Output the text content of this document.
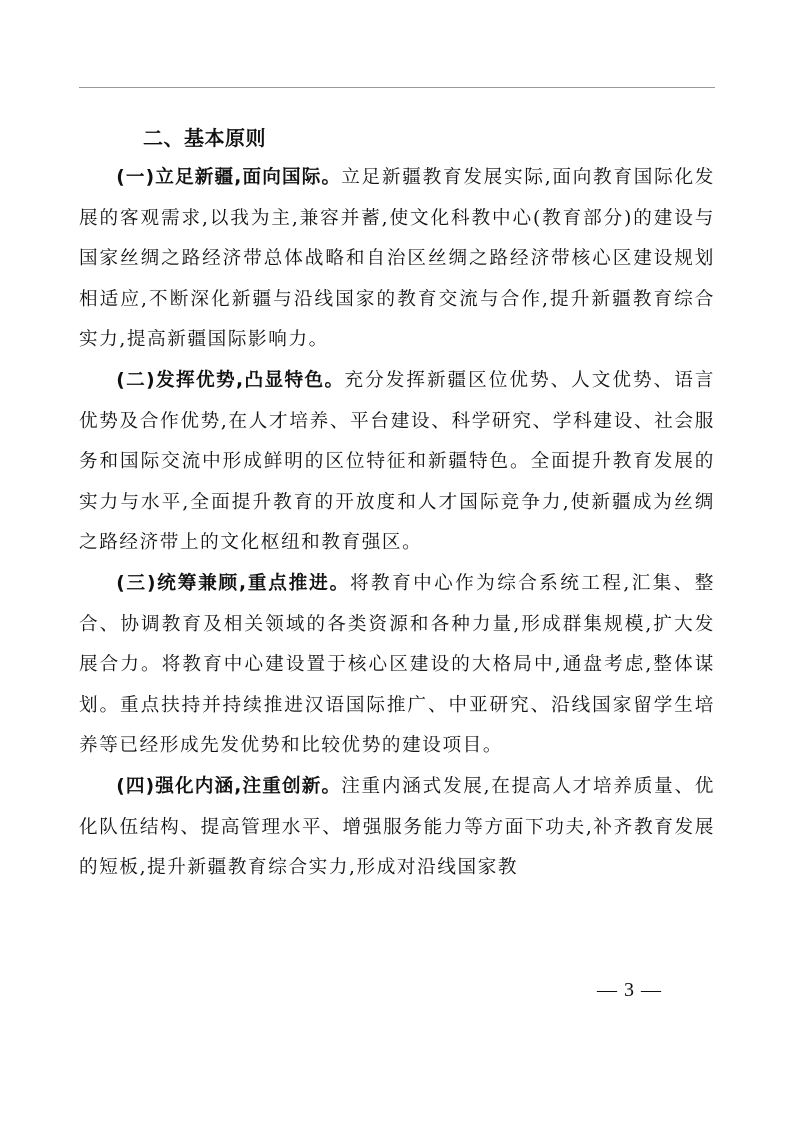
二、基本原则

(一)立足新疆,面向国际。立足新疆教育发展实际,面向教育国际化发展的客观需求,以我为主,兼容并蓄,使文化科教中心(教育部分)的建设与国家丝绸之路经济带总体战略和自治区丝绸之路经济带核心区建设规划相适应,不断深化新疆与沿线国家的教育交流与合作,提升新疆教育综合实力,提高新疆国际影响力。

(二)发挥优势,凸显特色。充分发挥新疆区位优势、人文优势、语言优势及合作优势,在人才培养、平台建设、科学研究、学科建设、社会服务和国际交流中形成鲜明的区位特征和新疆特色。全面提升教育发展的实力与水平,全面提升教育的开放度和人才国际竞争力,使新疆成为丝绸之路经济带上的文化枢纽和教育强区。

(三)统筹兼顾,重点推进。将教育中心作为综合系统工程,汇集、整合、协调教育及相关领域的各类资源和各种力量,形成群集规模,扩大发展合力。将教育中心建设置于核心区建设的大格局中,通盘考虑,整体谋划。重点扶持并持续推进汉语国际推广、中亚研究、沿线国家留学生培养等已经形成先发优势和比较优势的建设项目。

(四)强化内涵,注重创新。注重内涵式发展,在提高人才培养质量、优化队伍结构、提高管理水平、增强服务能力等方面下功夫,补齐教育发展的短板,提升新疆教育综合实力,形成对沿线国家教

— 3 —
